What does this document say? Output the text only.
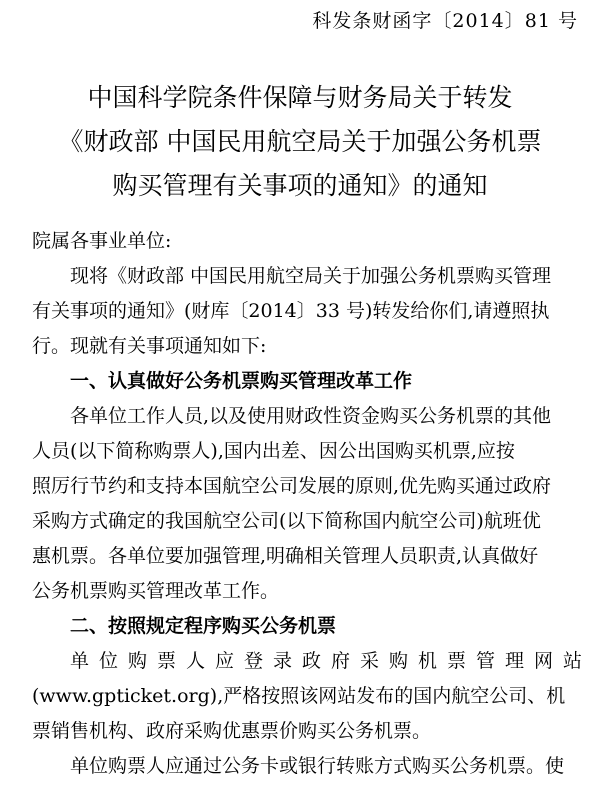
科发条财函字〔2014〕81 号
中国科学院条件保障与财务局关于转发
《财政部 中国民用航空局关于加强公务机票
购买管理有关事项的通知》的通知

院属各事业单位:

现将《财政部 中国民用航空局关于加强公务机票购买管理
有关事项的通知》(财库〔2014〕33 号)转发给你们,请遵照执
行。现就有关事项通知如下:

一、认真做好公务机票购买管理改革工作

各单位工作人员,以及使用财政性资金购买公务机票的其他
人员(以下简称购票人),国内出差、因公出国购买机票,应按
照厉行节约和支持本国航空公司发展的原则,优先购买通过政府
采购方式确定的我国航空公司(以下简称国内航空公司)航班优
惠机票。各单位要加强管理,明确相关管理人员职责,认真做好
公务机票购买管理改革工作。

二、按照规定程序购买公务机票

单位购票人应登录政府采购机票管理网站
(www.gpticket.org),严格按照该网站发布的国内航空公司、机
票销售机构、政府采购优惠票价购买公务机票。

单位购票人应通过公务卡或银行转账方式购买公务机票。使
